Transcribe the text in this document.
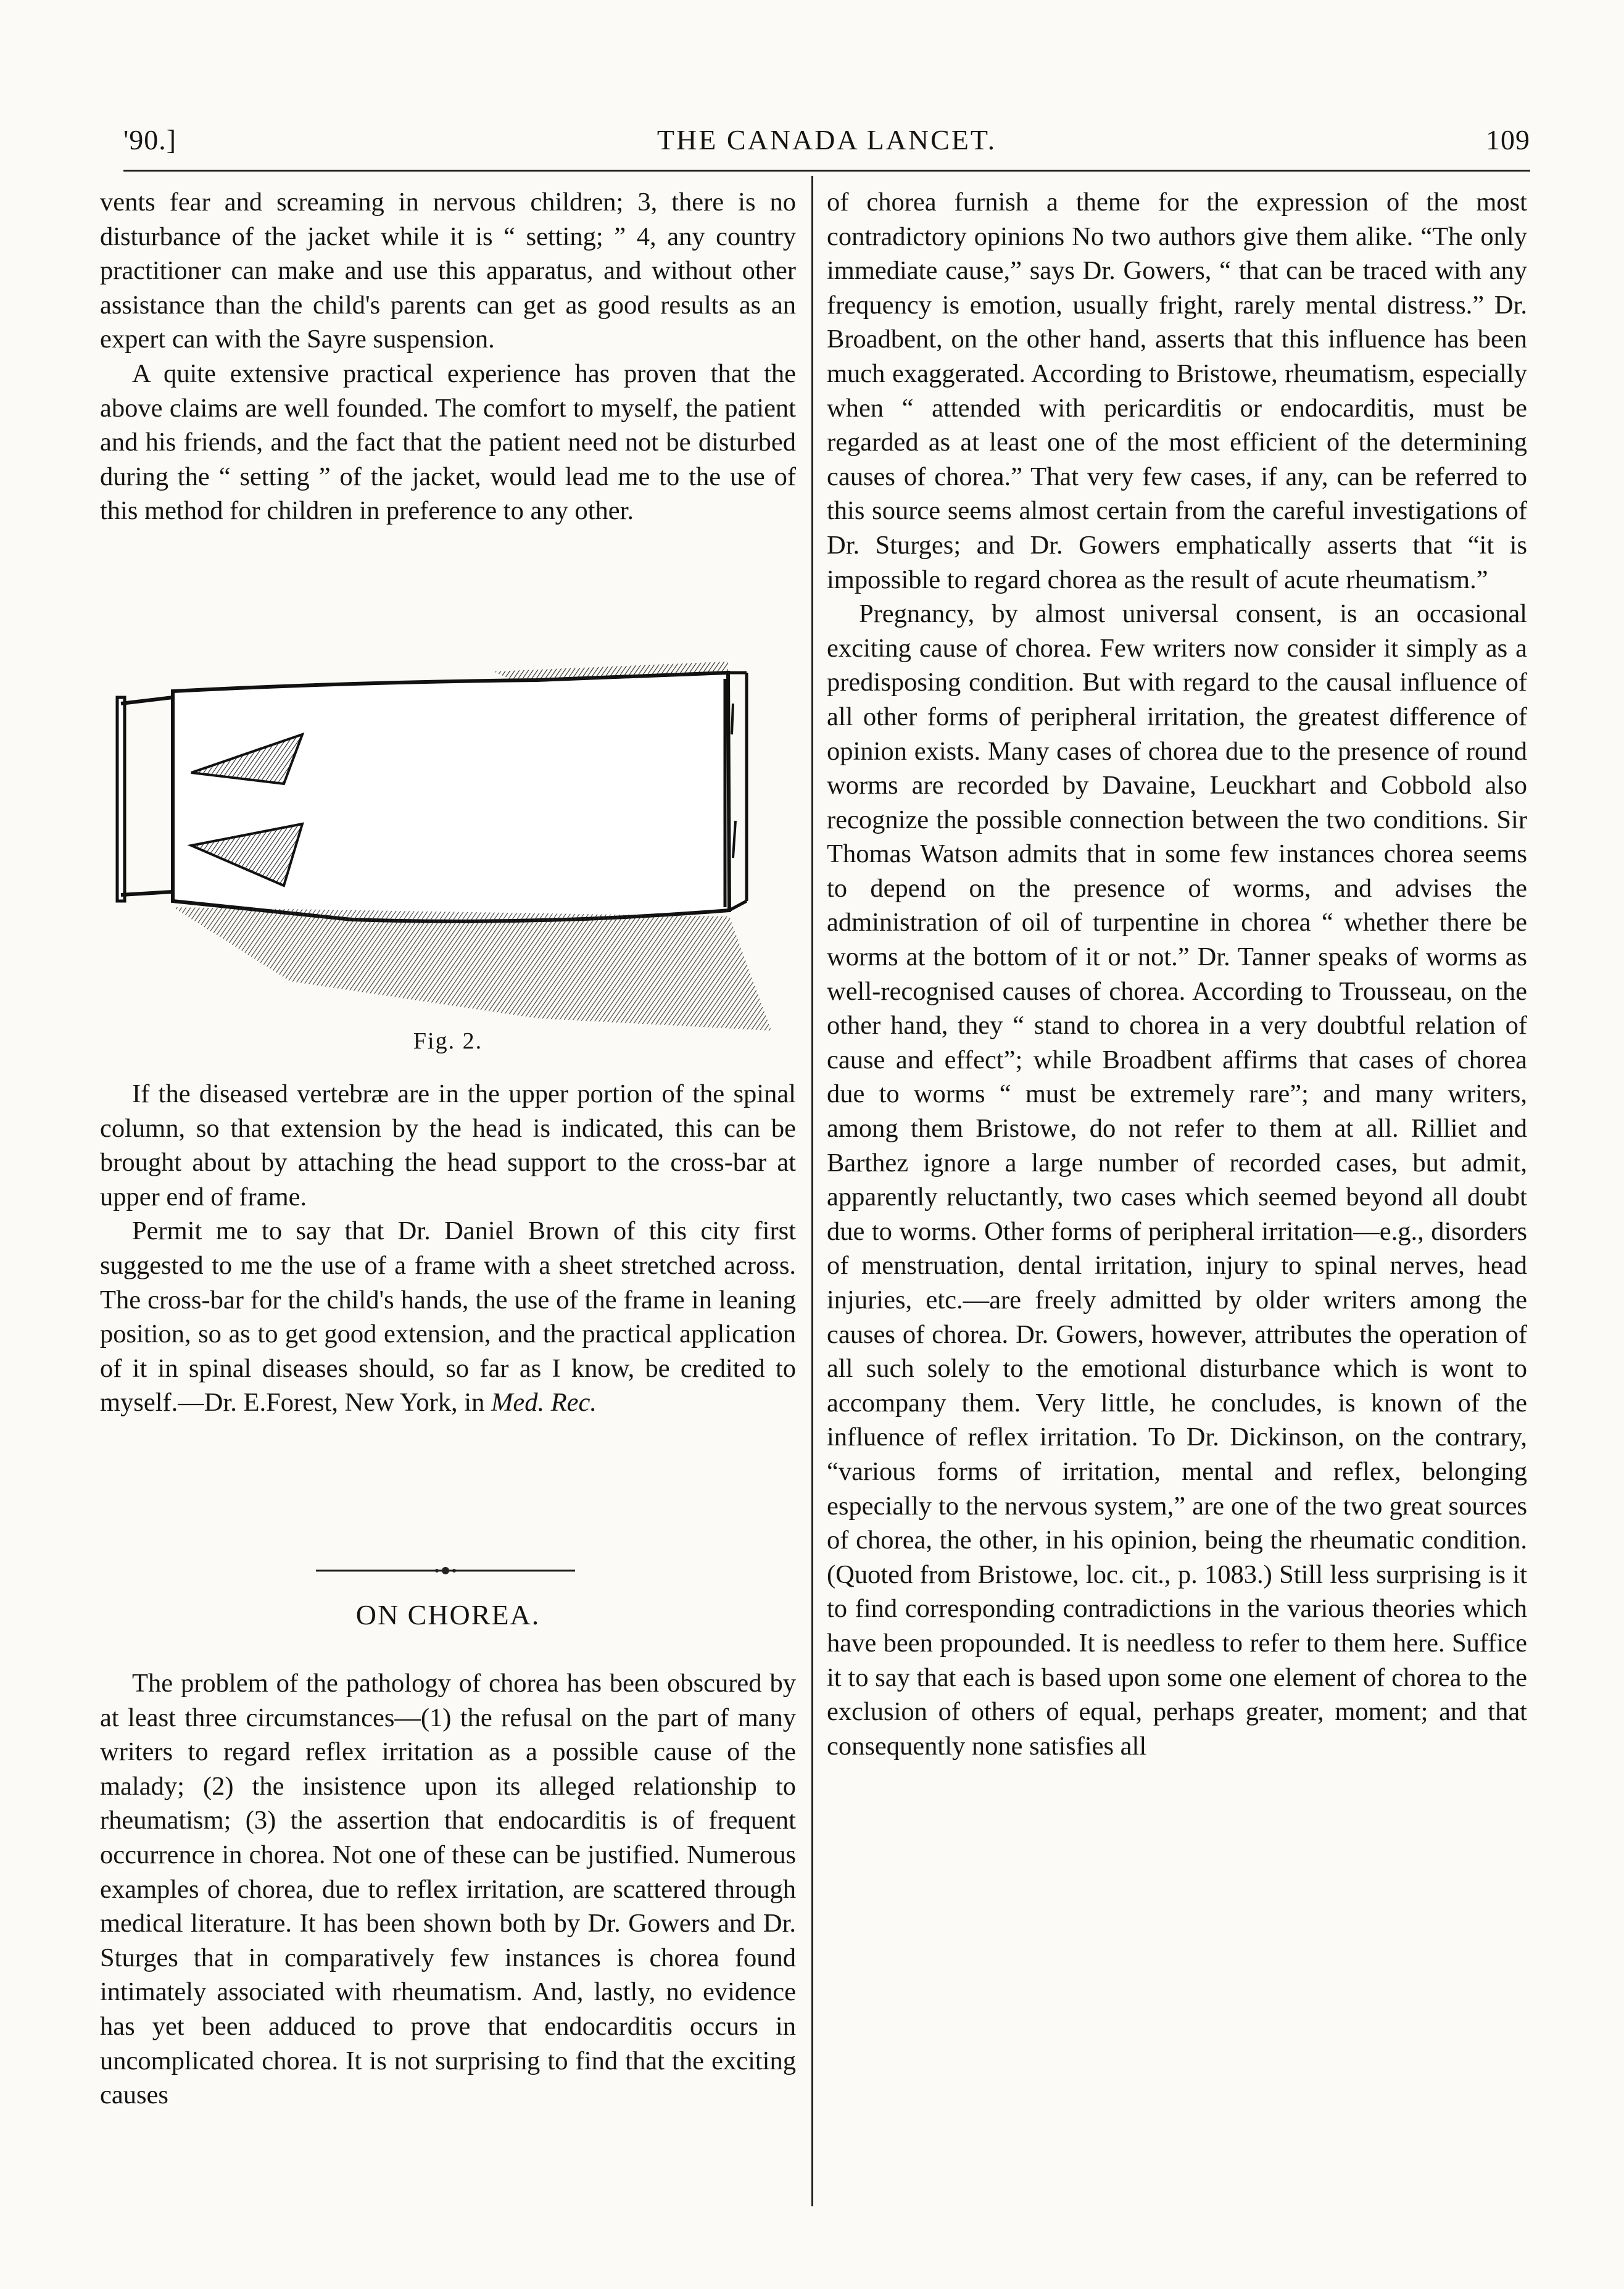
'90.]	THE CANADA LANCET.	109

vents fear and screaming in nervous children; 3, there is no disturbance of the jacket while it is “ setting; ” 4, any country practitioner can make and use this apparatus, and without other assistance than the child's parents can get as good results as an expert can with the Sayre suspension.

A quite extensive practical experience has proven that the above claims are well founded. The comfort to myself, the patient and his friends, and the fact that the patient need not be disturbed during the “ setting ” of the jacket, would lead me to the use of this method for children in preference to any other.

Fig. 2.

If the diseased vertebræ are in the upper portion of the spinal column, so that extension by the head is indicated, this can be brought about by attaching the head support to the cross-bar at upper end of frame.

Permit me to say that Dr. Daniel Brown of this city first suggested to me the use of a frame with a sheet stretched across. The cross-bar for the child's hands, the use of the frame in leaning position, so as to get good extension, and the practical application of it in spinal diseases should, so far as I know, be credited to myself.—Dr. E.Forest, New York, in Med. Rec.

ON CHOREA.

The problem of the pathology of chorea has been obscured by at least three circumstances—(1) the refusal on the part of many writers to regard reflex irritation as a possible cause of the malady; (2) the insistence upon its alleged relationship to rheumatism; (3) the assertion that endocarditis is of frequent occurrence in chorea. Not one of these can be justified. Numerous examples of chorea, due to reflex irritation, are scattered through medical literature. It has been shown both by Dr. Gowers and Dr. Sturges that in comparatively few instances is chorea found intimately associated with rheumatism. And, lastly, no evidence has yet been adduced to prove that endocarditis occurs in uncomplicated chorea. It is not surprising to find that the exciting causes

of chorea furnish a theme for the expression of the most contradictory opinions No two authors give them alike. “The only immediate cause,” says Dr. Gowers, “ that can be traced with any frequency is emotion, usually fright, rarely mental distress.” Dr. Broadbent, on the other hand, asserts that this influence has been much exaggerated. According to Bristowe, rheumatism, especially when “ attended with pericarditis or endocarditis, must be regarded as at least one of the most efficient of the determining causes of chorea.” That very few cases, if any, can be referred to this source seems almost certain from the careful investigations of Dr. Sturges; and Dr. Gowers emphatically asserts that “it is impossible to regard chorea as the result of acute rheumatism.”

Pregnancy, by almost universal consent, is an occasional exciting cause of chorea. Few writers now consider it simply as a predisposing condition. But with regard to the causal influence of all other forms of peripheral irritation, the greatest difference of opinion exists. Many cases of chorea due to the presence of round worms are recorded by Davaine, Leuckhart and Cobbold also recognize the possible connection between the two conditions. Sir Thomas Watson admits that in some few instances chorea seems to depend on the presence of worms, and advises the administration of oil of turpentine in chorea “ whether there be worms at the bottom of it or not.” Dr. Tanner speaks of worms as well-recognised causes of chorea. According to Trousseau, on the other hand, they “ stand to chorea in a very doubtful relation of cause and effect”; while Broadbent affirms that cases of chorea due to worms “ must be extremely rare”; and many writers, among them Bristowe, do not refer to them at all. Rilliet and Barthez ignore a large number of recorded cases, but admit, apparently reluctantly, two cases which seemed beyond all doubt due to worms. Other forms of peripheral irritation—e.g., disorders of menstruation, dental irritation, injury to spinal nerves, head injuries, etc.—are freely admitted by older writers among the causes of chorea. Dr. Gowers, however, attributes the operation of all such solely to the emotional disturbance which is wont to accompany them. Very little, he concludes, is known of the influence of reflex irritation. To Dr. Dickinson, on the contrary, “various forms of irritation, mental and reflex, belonging especially to the nervous system,” are one of the two great sources of chorea, the other, in his opinion, being the rheumatic condition. (Quoted from Bristowe, loc. cit., p. 1083.) Still less surprising is it to find corresponding contradictions in the various theories which have been propounded. It is needless to refer to them here. Suffice it to say that each is based upon some one element of chorea to the exclusion of others of equal, perhaps greater, moment; and that consequently none satisfies all
